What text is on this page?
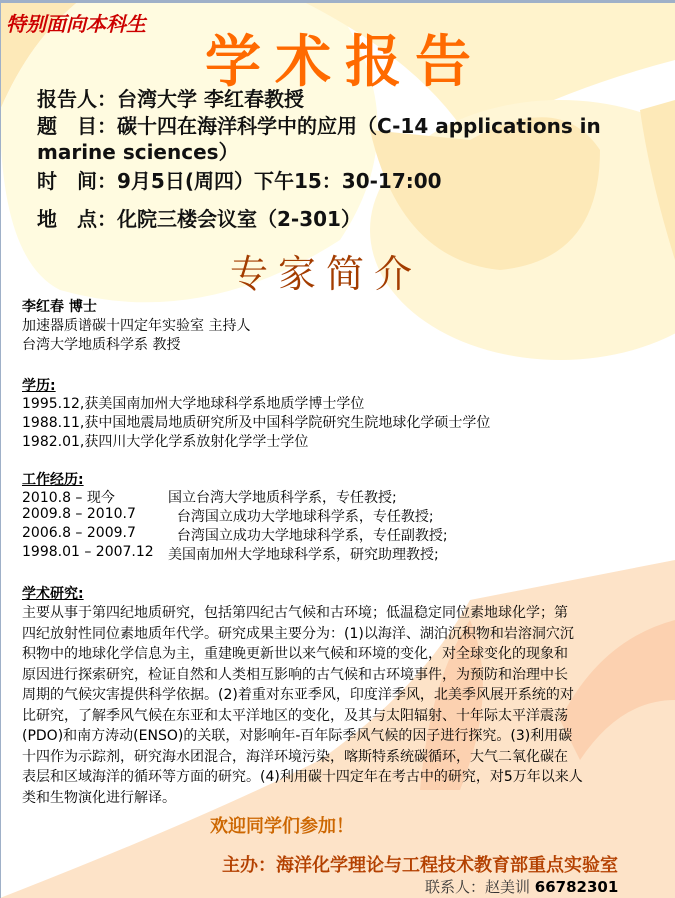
特别面向本科生
学术报告
报告人：台湾大学 李红春教授
题　目：碳十四在海洋科学中的应用（C-14 applications in
marine sciences）
时　间：9月5日(周四）下午15：30-17:00
地　点：化院三楼会议室（2-301）
专家简介
李红春 博士
加速器质谱碳十四定年实验室 主持人
台湾大学地质科学系 教授
学历:
1995.12,获美国南加州大学地球科学系地质学博士学位
1988.11,获中国地震局地质研究所及中国科学院研究生院地球化学硕士学位
1982.01,获四川大学化学系放射化学学士学位
工作经历:
2010.8 – 现今	国立台湾大学地质科学系，专任教授;
2009.8 – 2010.7 台湾国立成功大学地球科学系，专任教授;
2006.8 – 2009.7 台湾国立成功大学地球科学系，专任副教授;
1998.01 – 2007.12 美国南加州大学地球科学系，研究助理教授;
学术研究:
主要从事于第四纪地质研究，包括第四纪古气候和古环境；低温稳定同位素地球化学；第
四纪放射性同位素地质年代学。研究成果主要分为：(1)以海洋、湖泊沉积物和岩溶洞穴沉
积物中的地球化学信息为主，重建晚更新世以来气候和环境的变化，对全球变化的现象和
原因进行探索研究，检证自然和人类相互影响的古气候和古环境事件，为预防和治理中长
周期的气候灾害提供科学依据。(2)着重对东亚季风，印度洋季风，北美季风展开系统的对
比研究，了解季风气候在东亚和太平洋地区的变化，及其与太阳辐射、十年际太平洋震荡
(PDO)和南方涛动(ENSO)的关联，对影响年-百年际季风气候的因子进行探究。(3)利用碳
十四作为示踪剂，研究海水团混合，海洋环境污染，喀斯特系统碳循环，大气二氧化碳在
表层和区域海洋的循环等方面的研究。(4)利用碳十四定年在考古中的研究，对5万年以来人
类和生物演化进行解译。
欢迎同学们参加！
主办：海洋化学理论与工程技术教育部重点实验室
联系人：赵美训 66782301
